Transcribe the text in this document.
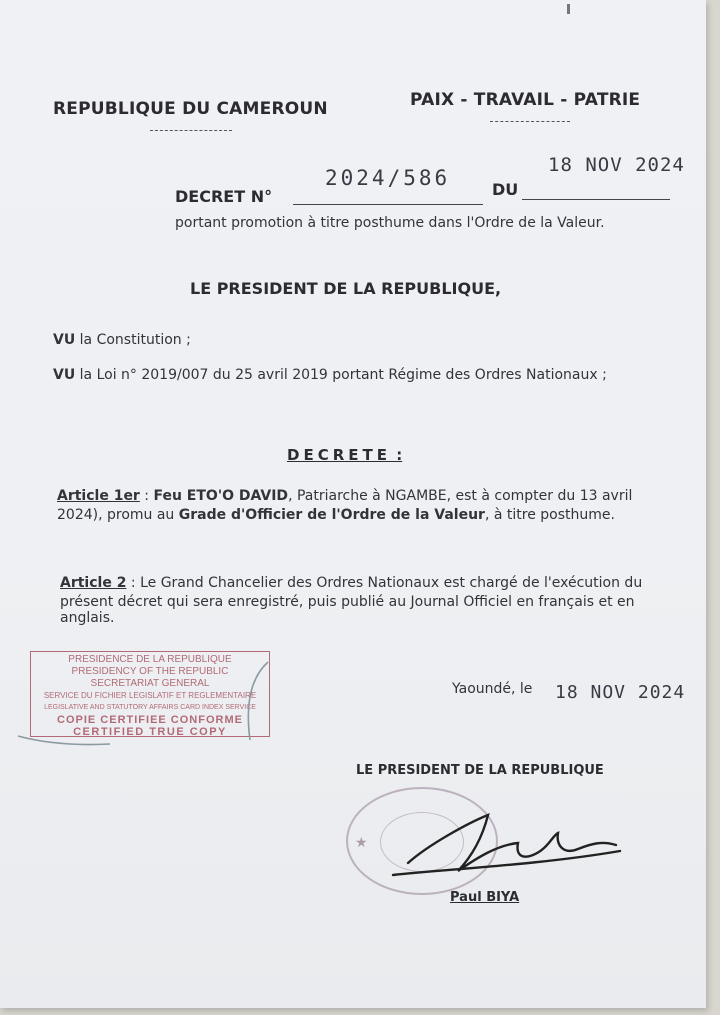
REPUBLIQUE DU CAMEROUN	PAIX - TRAVAIL - PATRIE
DECRET N°
2024/586	DU
18 NOV 2024
portant promotion à titre posthume dans l'Ordre de la Valeur.
LE PRESIDENT DE LA REPUBLIQUE,
VU la Constitution ;
VU la Loi n° 2019/007 du 25 avril 2019 portant Régime des Ordres Nationaux ;
DECRETE :
Article 1er : Feu ETO'O DAVID, Patriarche à NGAMBE, est à compter du 13 avril
2024), promu au Grade d'Officier de l'Ordre de la Valeur, à titre posthume.
Article 2 : Le Grand Chancelier des Ordres Nationaux est chargé de l'exécution du
présent décret qui sera enregistré, puis publié au Journal Officiel en français et en
anglais.
PRESIDENCE DE LA REPUBLIQUE
PRESIDENCY OF THE REPUBLIC
SECRETARIAT GENERAL
SERVICE DU FICHIER LEGISLATIF ET REGLEMENTAIRE
LEGISLATIVE AND STATUTORY AFFAIRS CARD INDEX SERVICE
COPIE CERTIFIEE CONFORME
CERTIFIED TRUE COPY
Yaoundé, le 18 NOV 2024
LE PRESIDENT DE LA REPUBLIQUE
★
Paul BIYA
